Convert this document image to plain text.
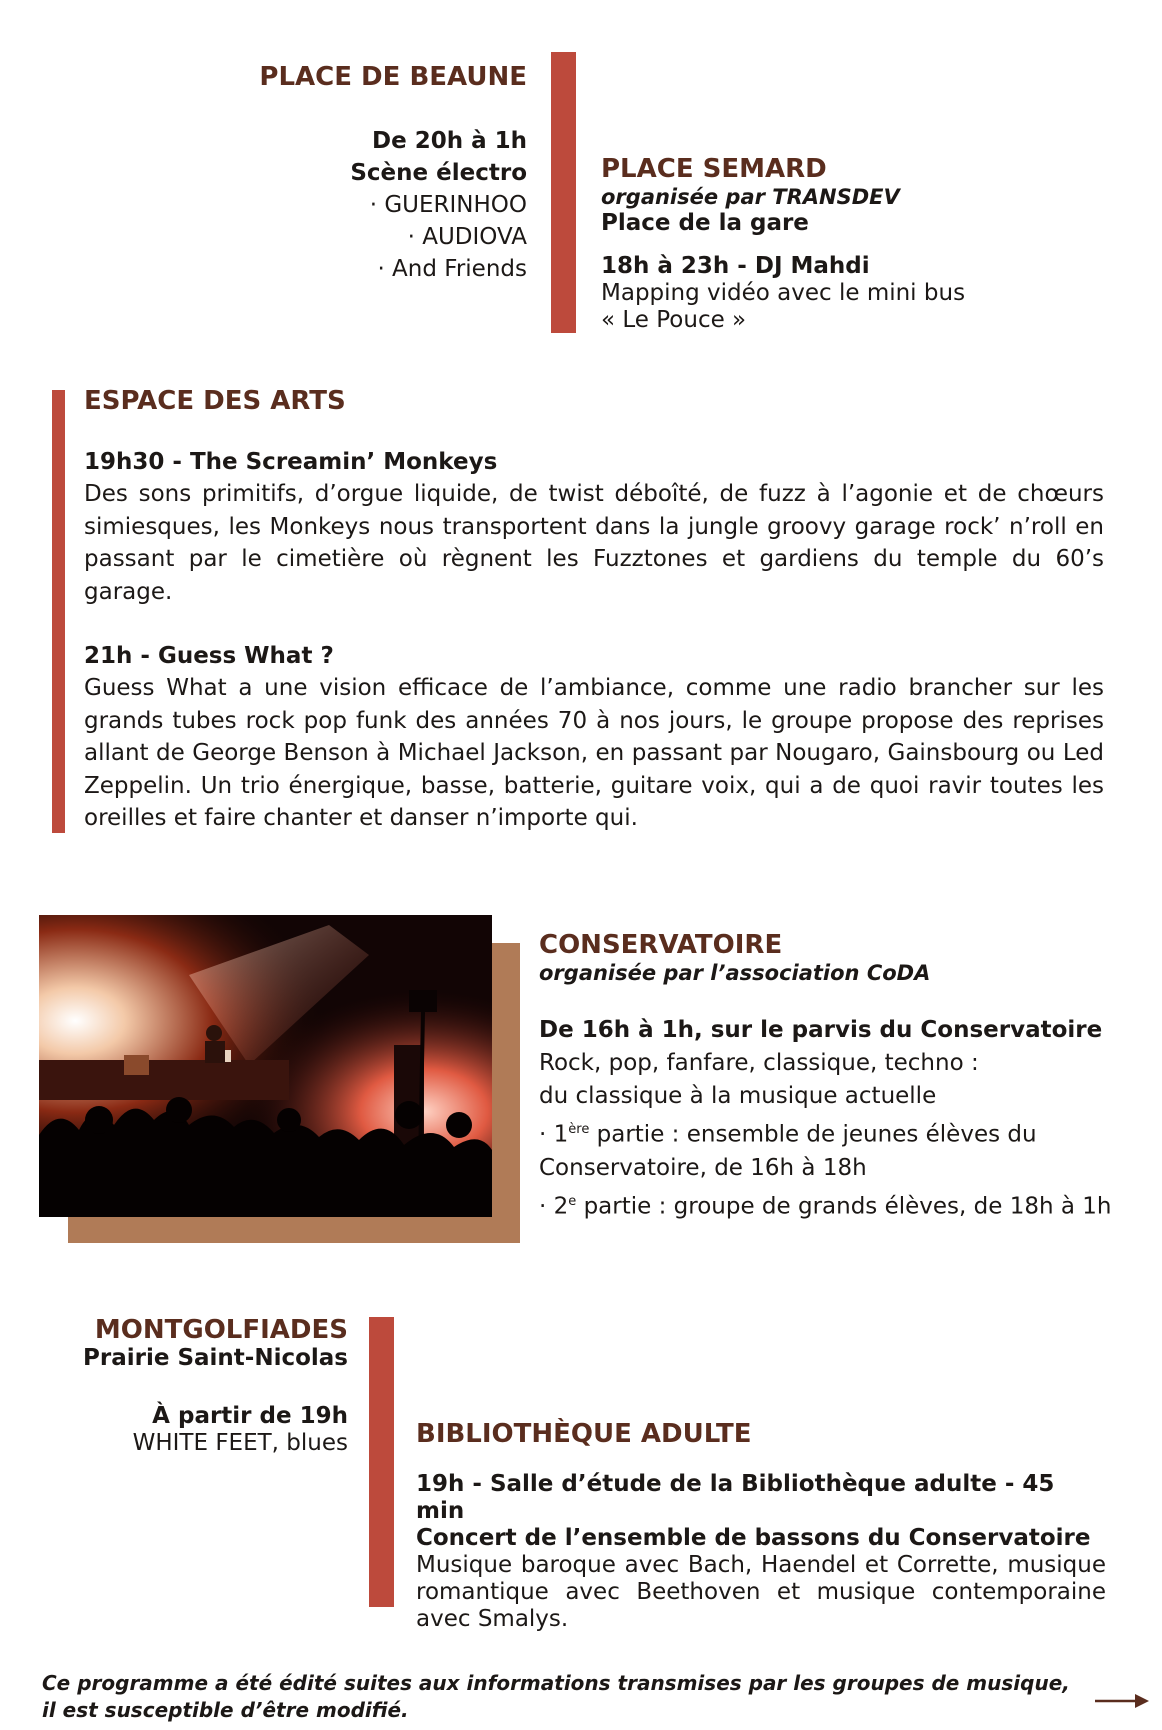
PLACE DE BEAUNE

De 20h à 1h

Scène électro

· GUERINHOO

· AUDIOVA

· And Friends

PLACE SEMARD

organisée par TRANSDEV

Place de la gare

18h à 23h - DJ Mahdi

Mapping vidéo avec le mini bus

« Le Pouce »

ESPACE DES ARTS

19h30 - The Screamin’ Monkeys

Des sons primitifs, d’orgue liquide, de twist déboîté, de fuzz à l’agonie et de chœurs simiesques, les Monkeys nous transportent dans la jungle groovy garage rock’ n’roll en passant par le cimetière où règnent les Fuzztones et gardiens du temple du 60’s garage.

21h - Guess What ?

Guess What a une vision efficace de l’ambiance, comme une radio brancher sur les grands tubes rock pop funk des années 70 à nos jours, le groupe propose des reprises allant de George Benson à Michael Jackson, en passant par Nougaro, Gainsbourg ou Led Zeppelin. Un trio énergique, basse, batterie, guitare voix, qui a de quoi ravir toutes les oreilles et faire chanter et danser n’importe qui.

CONSERVATOIRE

organisée par l’association CoDA

De 16h à 1h, sur le parvis du Conservatoire

Rock, pop, fanfare, classique, techno :

du classique à la musique actuelle

· 1ère partie : ensemble de jeunes élèves du

Conservatoire, de 16h à 18h

· $2^e$ partie : groupe de grands élèves, de 18h à 1h

MONTGOLFIADES

Prairie Saint-Nicolas

À partir de 19h

WHITE FEET, blues	BIBLIOTHÈQUE ADULTE

19h - Salle d’étude de la Bibliothèque adulte - 45 min

Concert de l’ensemble de bassons du Conservatoire

Musique baroque avec Bach, Haendel et Corrette, musique romantique avec Beethoven et musique contemporaine avec Smalys.

Ce programme a été édité suites aux informations transmises par les groupes de musique,

il est susceptible d’être modifié.
